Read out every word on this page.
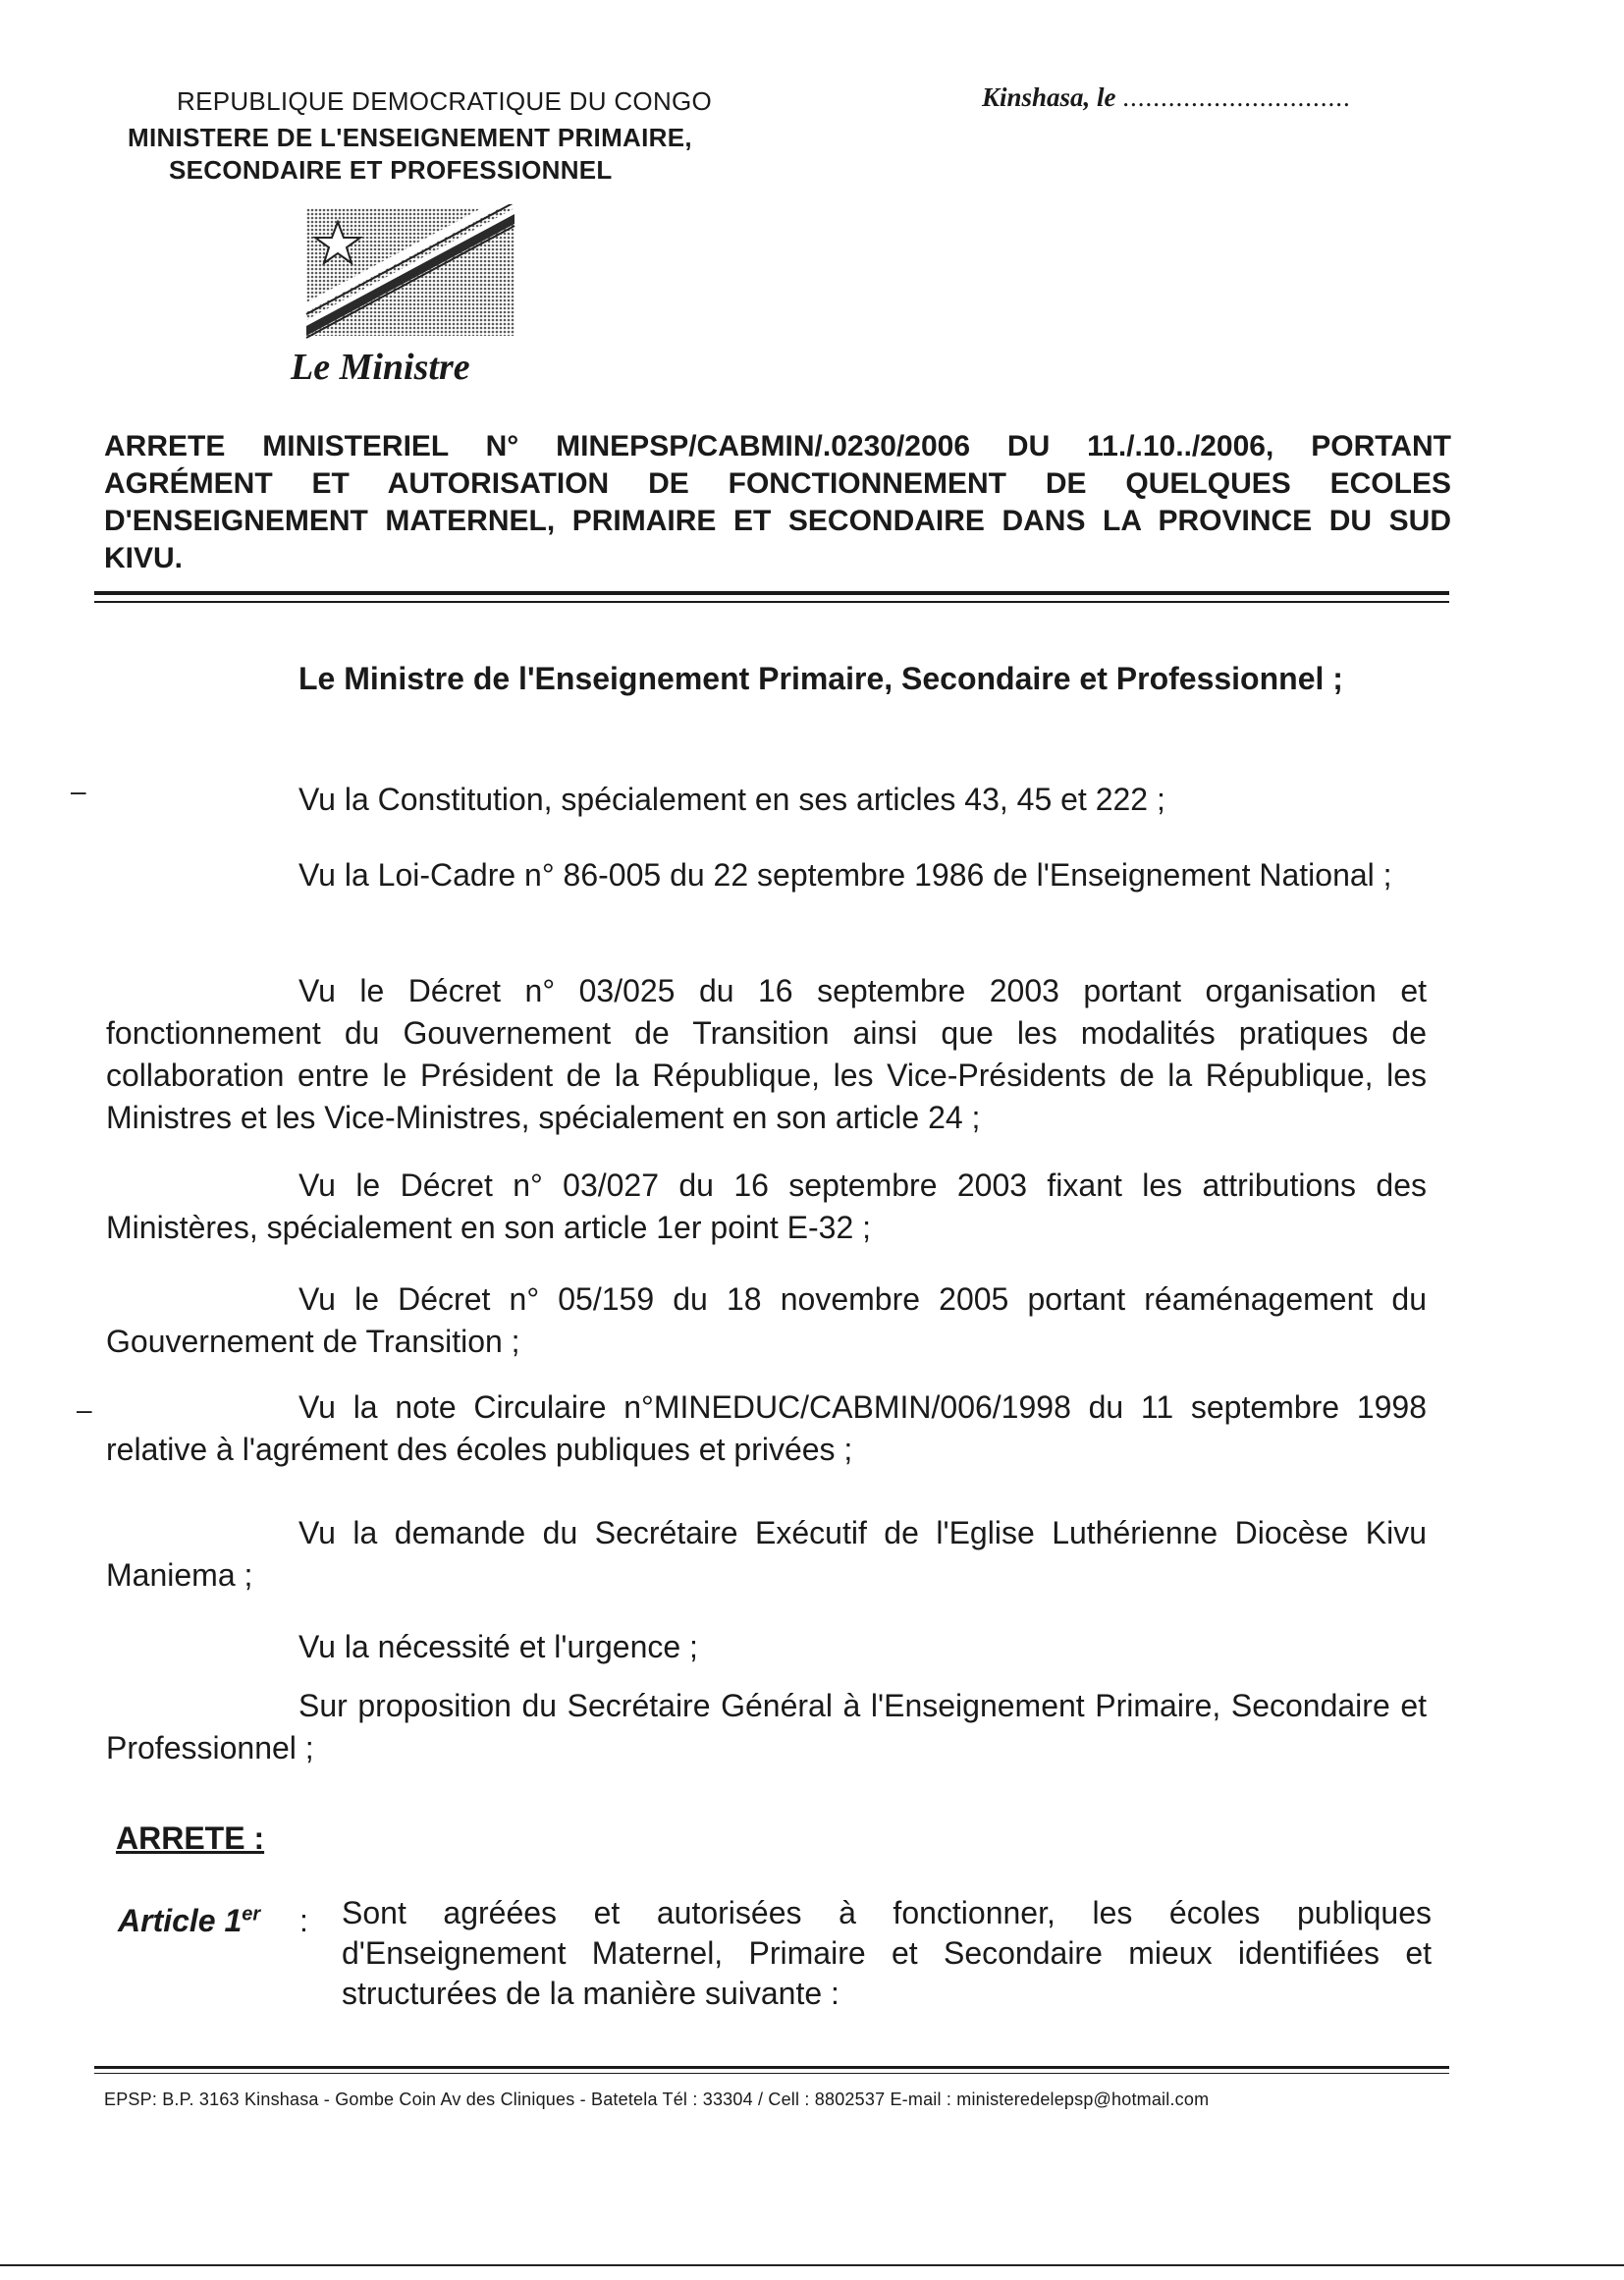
REPUBLIQUE DEMOCRATIQUE DU CONGO
MINISTERE DE L'ENSEIGNEMENT PRIMAIRE,
SECONDAIRE ET PROFESSIONNEL
Kinshasa, le ..............................
Le Ministre
ARRETE MINISTERIEL N° MINEPSP/CABMIN/.0230/2006 DU 11./.10../2006, PORTANT AGRÉMENT ET AUTORISATION DE FONCTIONNEMENT DE QUELQUES ECOLES D'ENSEIGNEMENT MATERNEL, PRIMAIRE ET SECONDAIRE DANS LA PROVINCE DU SUD KIVU.
Le Ministre de l'Enseignement Primaire, Secondaire et Professionnel ;
–	Vu la Constitution, spécialement en ses articles 43, 45 et 222 ;
Vu la Loi-Cadre n° 86-005 du 22 septembre 1986 de l'Enseignement National ;
Vu le Décret n° 03/025 du 16 septembre 2003 portant organisation et fonctionnement du Gouvernement de Transition ainsi que les modalités pratiques de collaboration entre le Président de la République, les Vice-Présidents de la République, les Ministres et les Vice-Ministres, spécialement en son article 24 ;
Vu le Décret n° 03/027 du 16 septembre 2003 fixant les attributions des Ministères, spécialement en son article 1er point E-32 ;
Vu le Décret n° 05/159 du 18 novembre 2005 portant réaménagement du Gouvernement de Transition ;
–	Vu la note Circulaire n°MINEDUC/CABMIN/006/1998 du 11 septembre 1998 relative à l'agrément des écoles publiques et privées ;
Vu la demande du Secrétaire Exécutif de l'Eglise Luthérienne Diocèse Kivu Maniema ;
Vu la nécessité et l'urgence ;
Sur proposition du Secrétaire Général à l'Enseignement Primaire, Secondaire et Professionnel ;
ARRETE :
Article 1er : Sont agréées et autorisées à fonctionner, les écoles publiques d'Enseignement Maternel, Primaire et Secondaire mieux identifiées et structurées de la manière suivante :
EPSP: B.P. 3163 Kinshasa - Gombe Coin Av des Cliniques - Batetela Tél : 33304 / Cell : 8802537 E-mail : ministeredelepsp@hotmail.com
